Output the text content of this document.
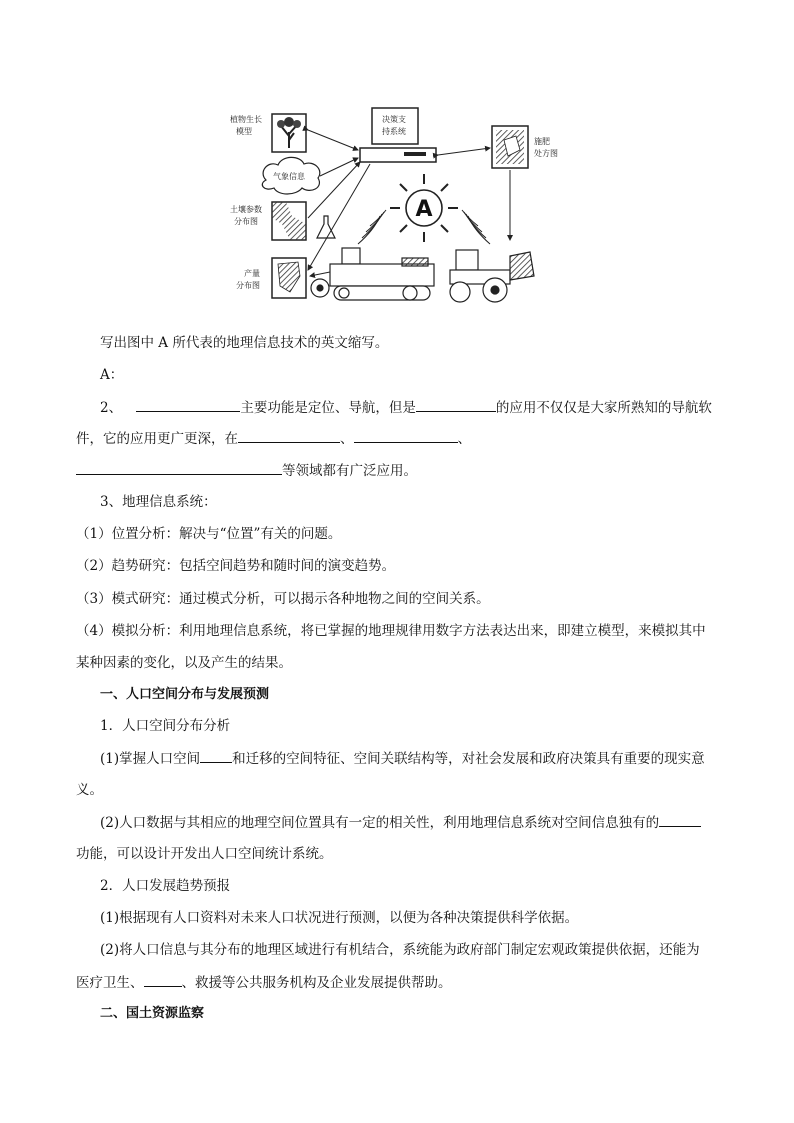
植物生长
模型
气象信息
土壤参数
分布图
产量
分布图
决策支
持系统
施肥
处方图
A
写出图中 A 所代表的地理信息技术的英文缩写。
A：
2、	主要功能是定位、导航，但是	的应用不仅仅是大家所熟知的导航软
件，它的应用更广更深，在	、	、
等领域都有广泛应用。
3、地理信息系统：
（1）位置分析：解决与“位置”有关的问题。
（2）趋势研究：包括空间趋势和随时间的演变趋势。
（3）模式研究：通过模式分析，可以揭示各种地物之间的空间关系。
（4）模拟分析：利用地理信息系统，将已掌握的地理规律用数字方法表达出来，即建立模型，来模拟其中
某种因素的变化，以及产生的结果。
一、人口空间分布与发展预测
1．人口空间分布分析
(1)掌握人口空间 和迁移的空间特征、空间关联结构等，对社会发展和政府决策具有重要的现实意
义。
(2)人口数据与其相应的地理空间位置具有一定的相关性，利用地理信息系统对空间信息独有的
功能，可以设计开发出人口空间统计系统。
2．人口发展趋势预报
(1)根据现有人口资料对未来人口状况进行预测，以便为各种决策提供科学依据。
(2)将人口信息与其分布的地理区域进行有机结合，系统能为政府部门制定宏观政策提供依据，还能为
医疗卫生、	、救援等公共服务机构及企业发展提供帮助。
二、国土资源监察
